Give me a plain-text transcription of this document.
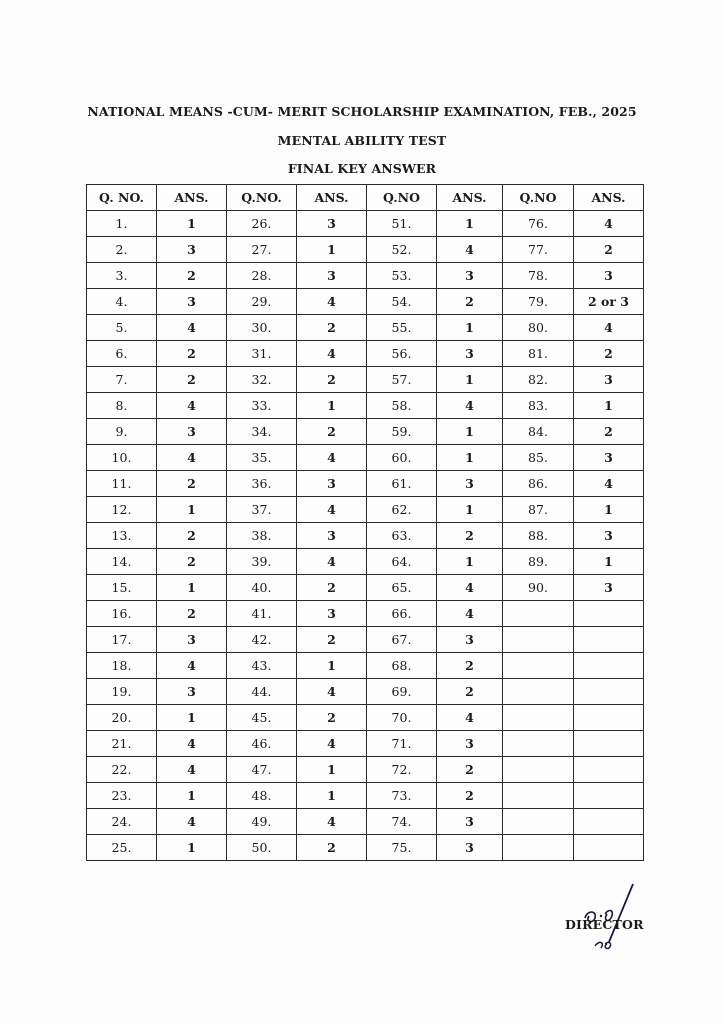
NATIONAL MEANS -CUM- MERIT SCHOLARSHIP EXAMINATION, FEB., 2025
MENTAL ABILITY TEST
FINAL KEY ANSWER
Q. NO.	ANS.	Q.NO.	ANS.	Q.NO	ANS.	Q.NO	ANS.
1.	1	26.	3	51.	1	76.	4
2.	3	27.	1	52.	4	77.	2
3.	2	28.	3	53.	3	78.	3
4.	3	29.	4	54.	2	79.	2 or 3
5.	4	30.	2	55.	1	80.	4
6.	2	31.	4	56.	3	81.	2
7.	2	32.	2	57.	1	82.	3
8.	4	33.	1	58.	4	83.	1
9.	3	34.	2	59.	1	84.	2
10.	4	35.	4	60.	1	85.	3
11.	2	36.	3	61.	3	86.	4
12.	1	37.	4	62.	1	87.	1
13.	2	38.	3	63.	2	88.	3
14.	2	39.	4	64.	1	89.	1
15.	1	40.	2	65.	4	90.	3
16.	2	41.	3	66.	4		
17.	3	42.	2	67.	3		
18.	4	43.	1	68.	2		
19.	3	44.	4	69.	2		
20.	1	45.	2	70.	4		
21.	4	46.	4	71.	3		
22.	4	47.	1	72.	2		
23.	1	48.	1	73.	2		
24.	4	49.	4	74.	3		
25.	1	50.	2	75.	3		
DIRECTOR
